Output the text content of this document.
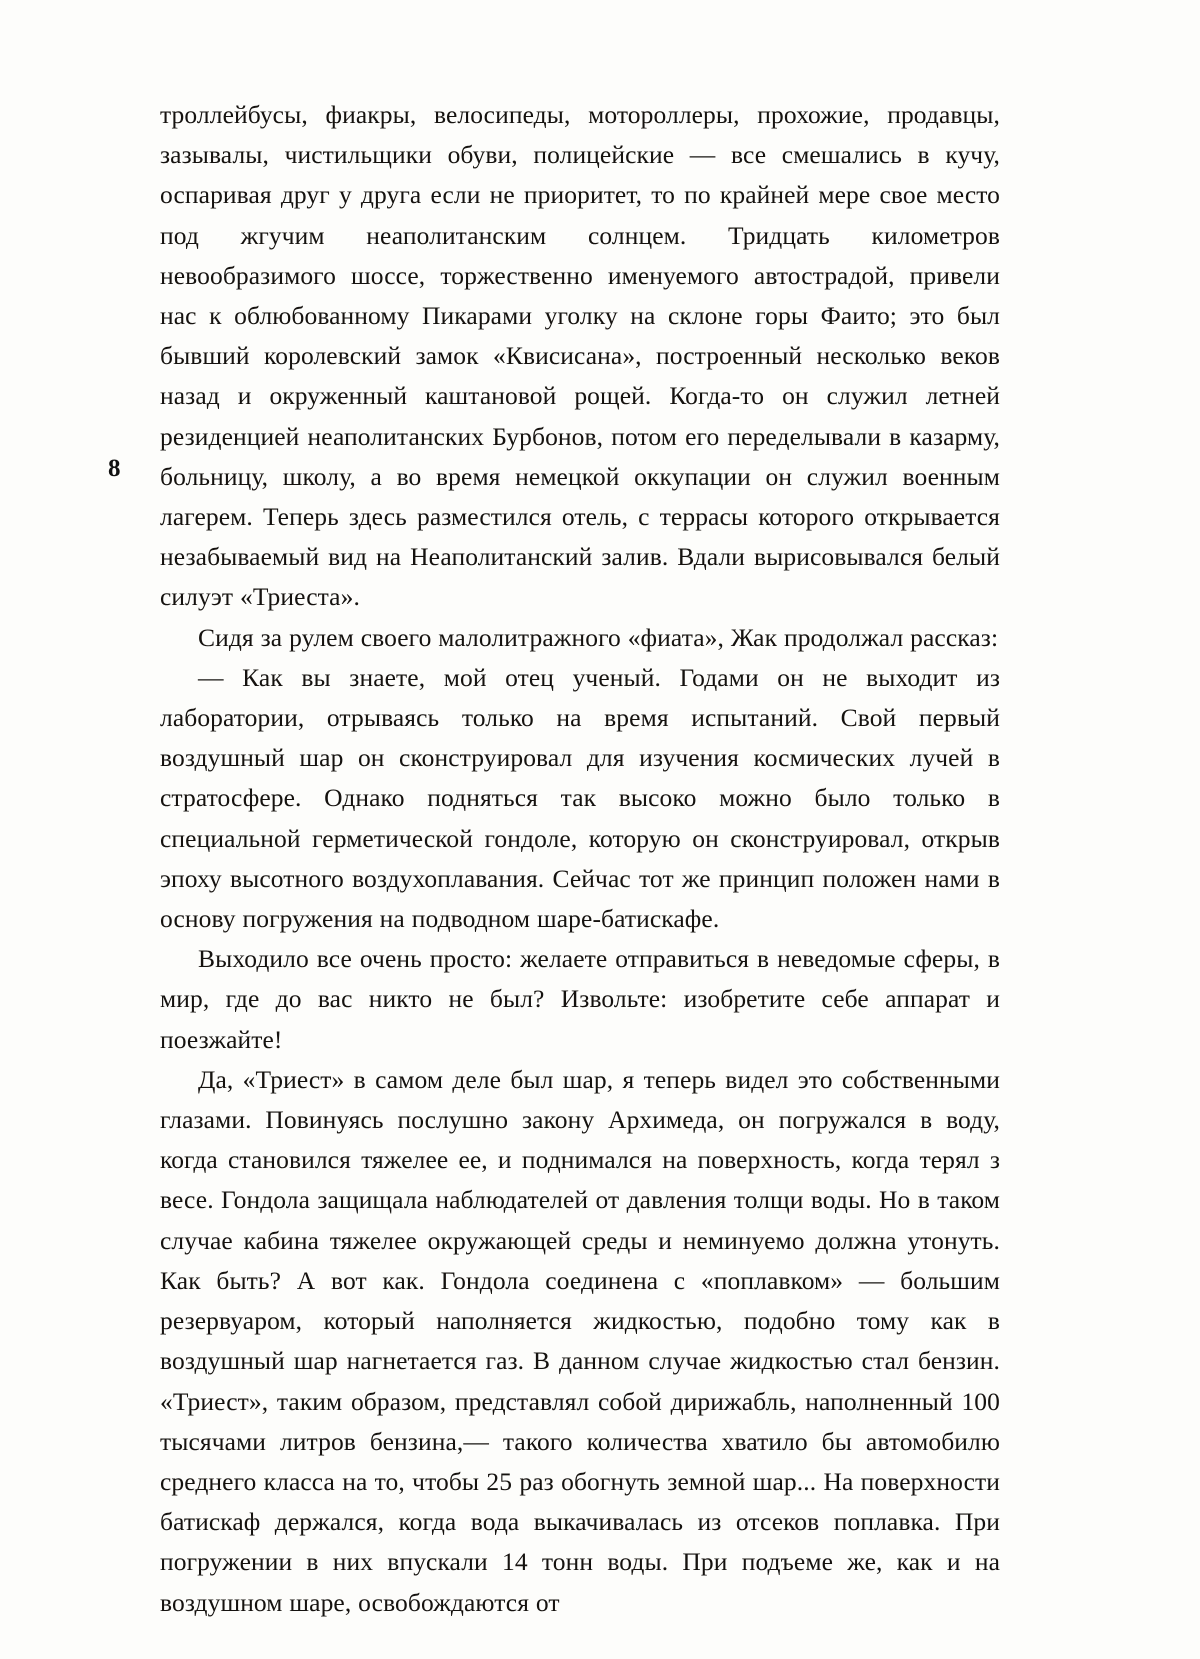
8

троллейбусы, фиакры, велосипеды, мотороллеры, прохожие, продавцы, зазывалы, чистильщики обуви, полицейские — все смешались в кучу, оспаривая друг у друга если не приоритет, то по крайней мере свое место под жгучим неаполитанским солнцем. Тридцать километров невообразимого шоссе, торжественно именуемого автострадой, привели нас к облюбованному Пикарами уголку на склоне горы Фаито; это был бывший королевский замок «Квисисана», построенный несколько веков назад и окруженный каштановой рощей. Когда-то он служил летней резиденцией неаполитанских Бурбонов, потом его переделывали в казарму, больницу, школу, а во время немецкой оккупации он служил военным лагерем. Теперь здесь разместился отель, с террасы которого открывается незабываемый вид на Неаполитанский залив. Вдали вырисовывался белый силуэт «Триеста».

Сидя за рулем своего малолитражного «фиата», Жак продолжал рассказ:

— Как вы знаете, мой отец ученый. Годами он не выходит из лаборатории, отрываясь только на время испытаний. Свой первый воздушный шар он сконструировал для изучения космических лучей в стратосфере. Однако подняться так высоко можно было только в специальной герметической гондоле, которую он сконструировал, открыв эпоху высотного воздухоплавания. Сейчас тот же принцип положен нами в основу погружения на подводном шаре-батискафе.

Выходило все очень просто: желаете отправиться в неведомые сферы, в мир, где до вас никто не был? Извольте: изобретите себе аппарат и поезжайте!

Да, «Триест» в самом деле был шар, я теперь видел это собственными глазами. Повинуясь послушно закону Архимеда, он погружался в воду, когда становился тяжелее ее, и поднимался на поверхность, когда терял з весе. Гондола защищала наблюдателей от давления толщи воды. Но в таком случае кабина тяжелее окружающей среды и неминуемо должна утонуть. Как быть? А вот как. Гондола соединена с «поплавком» — большим резервуаром, который наполняется жидкостью, подобно тому как в воздушный шар нагнетается газ. В данном случае жидкостью стал бензин. «Триест», таким образом, представлял собой дирижабль, наполненный 100 тысячами литров бензина,— такого количества хватило бы автомобилю среднего класса на то, чтобы 25 раз обогнуть земной шар... На поверхности батискаф держался, когда вода выкачивалась из отсеков поплавка. При погружении в них впускали 14 тонн воды. При подъеме же, как и на воздушном шаре, освобождаются от
